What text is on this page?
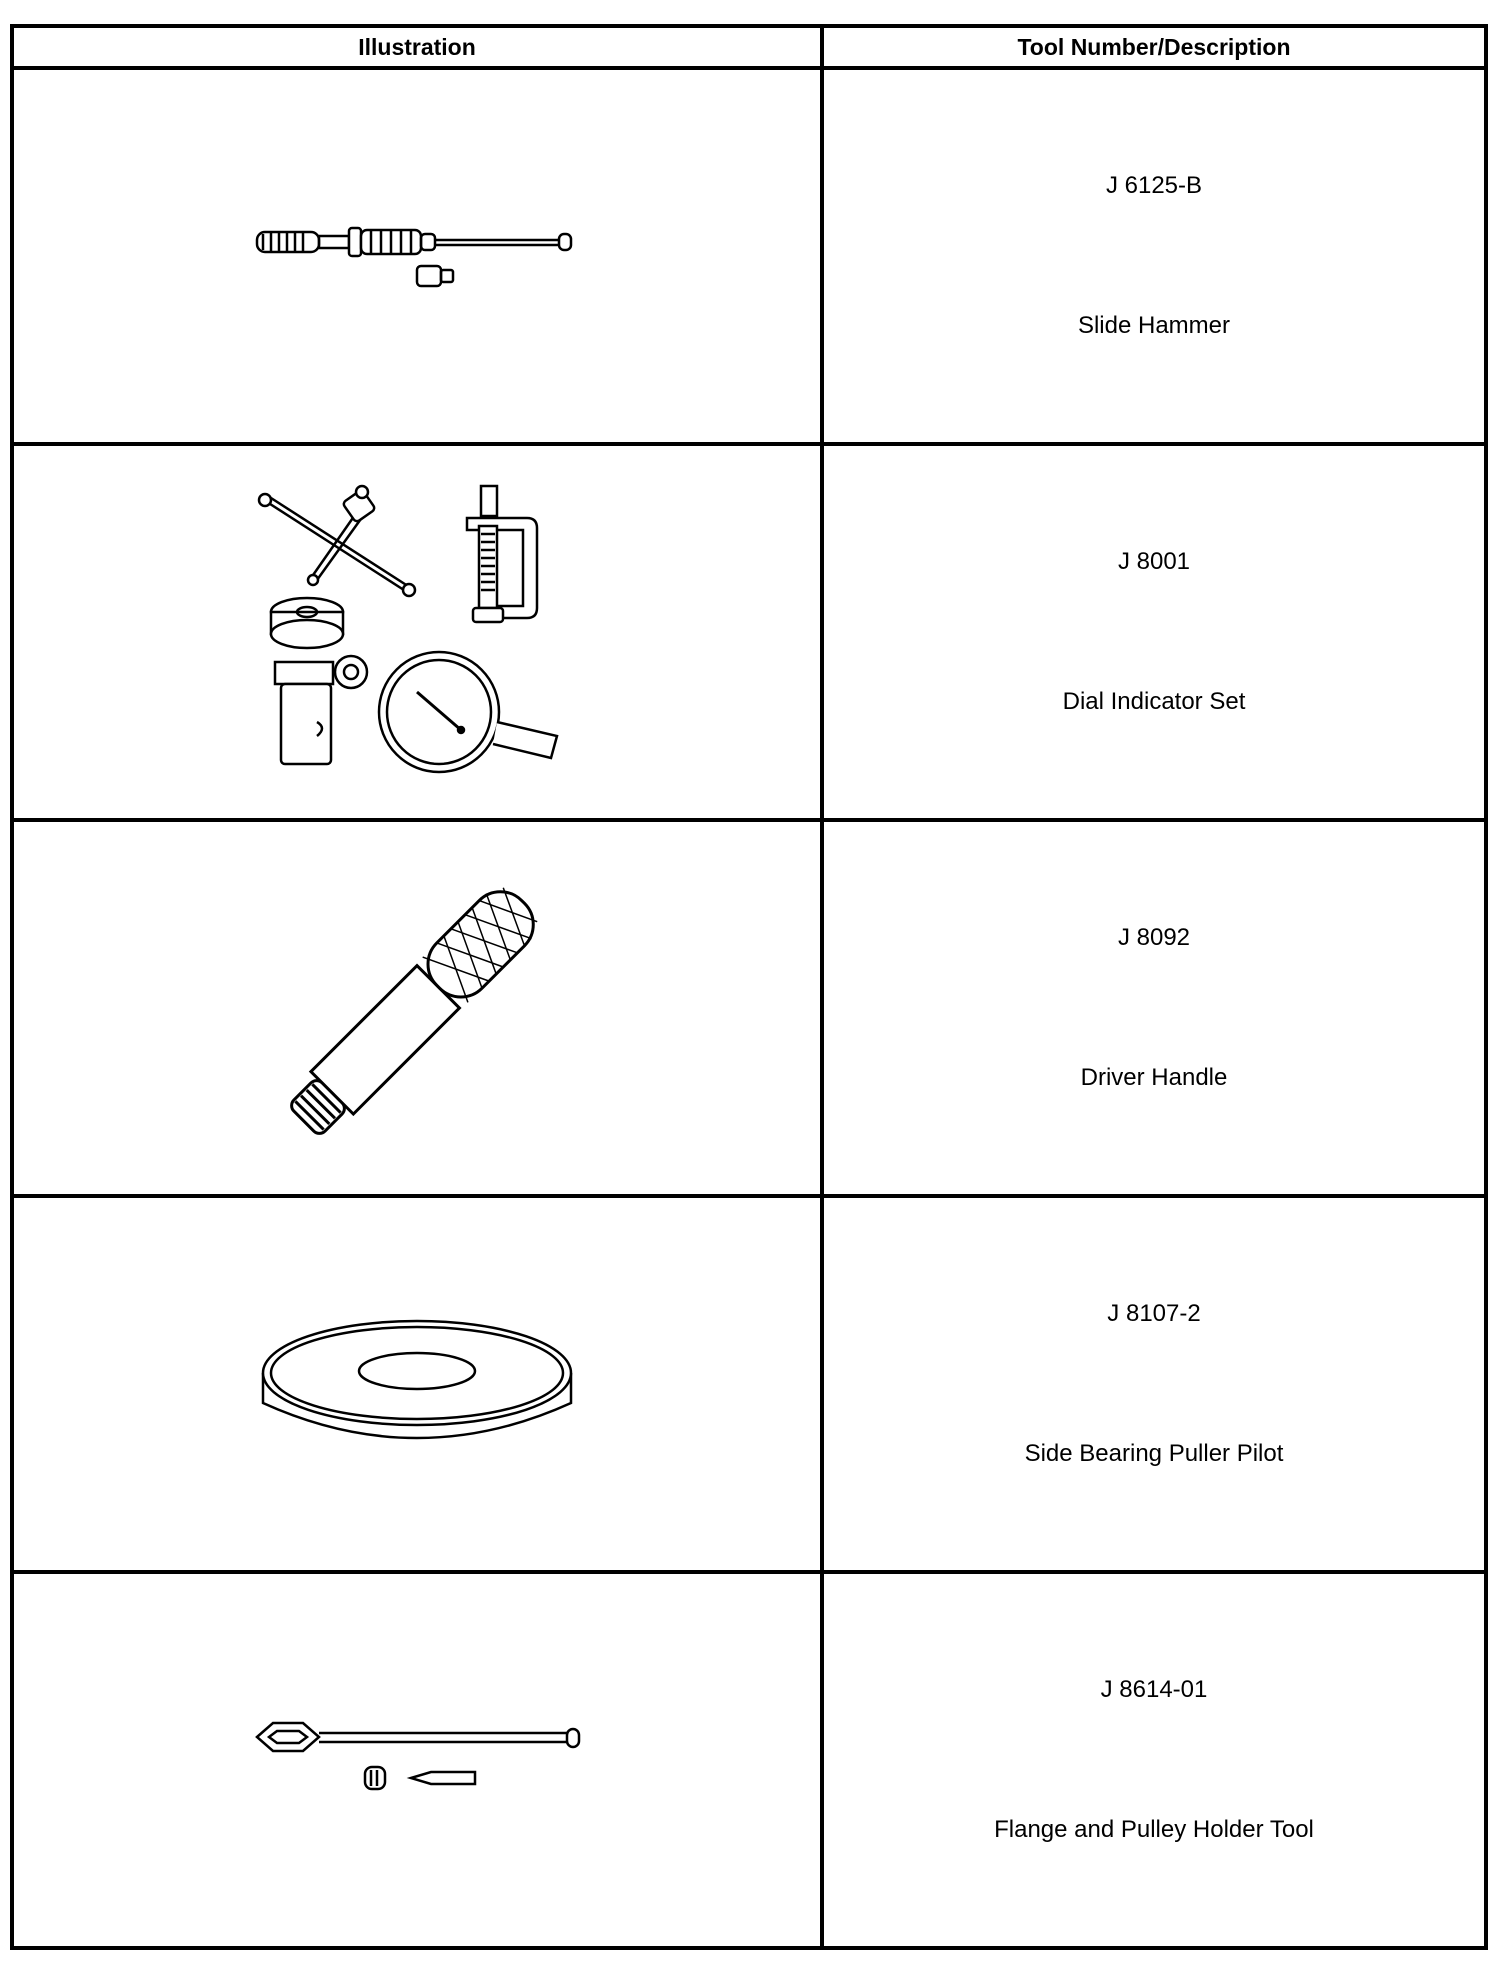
Illustration	Tool Number/Description

J 6125-B
Slide Hammer

J 8001
Dial Indicator Set

J 8092
Driver Handle

J 8107-2
Side Bearing Puller Pilot

J 8614-01
Flange and Pulley Holder Tool
